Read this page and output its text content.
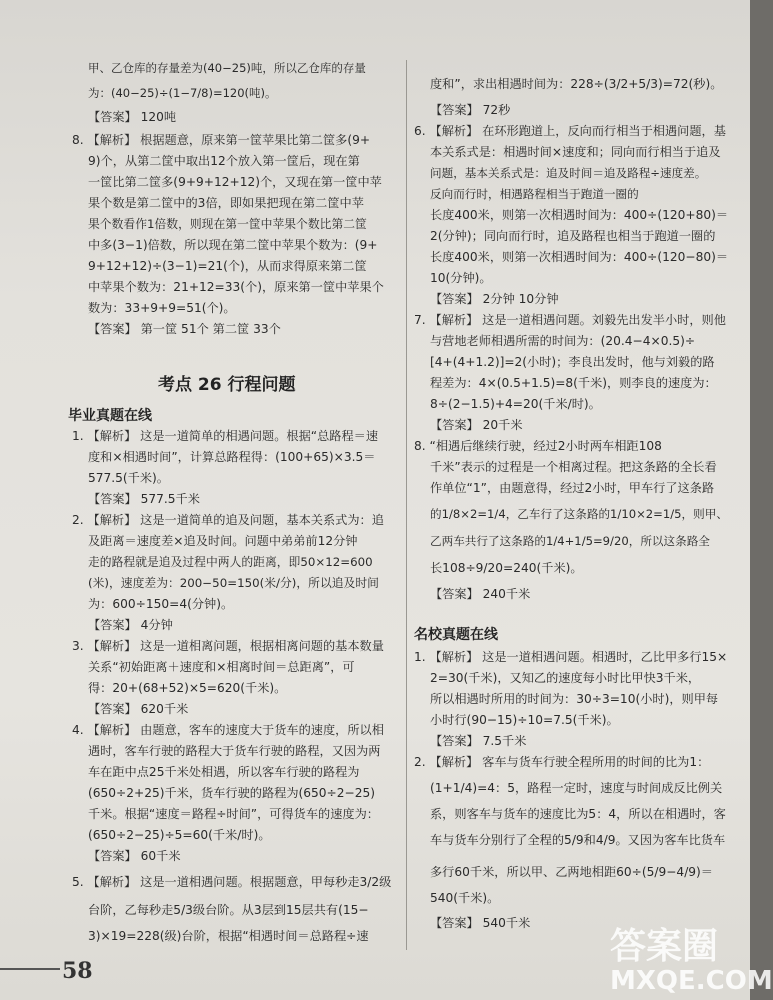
甲、乙仓库的存量差为(40−25)吨，所以乙仓库的存量
为：(40−25)÷(1−7/8)=120(吨)。
【答案】 120吨
8. 【解析】 根据题意，原来第一筐苹果比第二筐多(9+
9)个，从第二筐中取出12个放入第一筐后，现在第
一筐比第二筐多(9+9+12+12)个，又现在第一筐中苹
果个数是第二筐中的3倍，即如果把现在第二筐中苹
果个数看作1倍数，则现在第一筐中苹果个数比第二筐
中多(3−1)倍数，所以现在第二筐中苹果个数为：(9+
9+12+12)÷(3−1)=21(个)，从而求得原来第二筐
中苹果个数为：21+12=33(个)，原来第一筐中苹果个
数为：33+9+9=51(个)。
【答案】 第一筐 51个 第二筐 33个
考点 26 行程问题
毕业真题在线
1. 【解析】 这是一道简单的相遇问题。根据“总路程＝速
度和×相遇时间”，计算总路程得：(100+65)×3.5＝
577.5(千米)。
【答案】 577.5千米
2. 【解析】 这是一道简单的追及问题，基本关系式为：追
及距离＝速度差×追及时间。问题中弟弟前12分钟
走的路程就是追及过程中两人的距离，即50×12=600
(米)，速度差为：200−50=150(米/分)，所以追及时间
为：600÷150=4(分钟)。
【答案】 4分钟
3. 【解析】 这是一道相离问题，根据相离问题的基本数量
关系“初始距离＋速度和×相离时间＝总距离”，可
得：20+(68+52)×5=620(千米)。
【答案】 620千米
4. 【解析】 由题意，客车的速度大于货车的速度，所以相
遇时，客车行驶的路程大于货车行驶的路程，又因为两
车在距中点25千米处相遇，所以客车行驶的路程为
(650÷2+25)千米，货车行驶的路程为(650÷2−25)
千米。根据“速度＝路程÷时间”，可得货车的速度为：
(650÷2−25)÷5=60(千米/时)。
【答案】 60千米
5. 【解析】 这是一道相遇问题。根据题意，甲每秒走3/2级
台阶，乙每秒走5/3级台阶。从3层到15层共有(15−
3)×19=228(级)台阶，根据“相遇时间＝总路程÷速
度和”，求出相遇时间为：228÷(3/2+5/3)=72(秒)。
【答案】 72秒
6. 【解析】 在环形跑道上，反向而行相当于相遇问题，基
本关系式是：相遇时间×速度和；同向而行相当于追及
问题，基本关系式是：追及时间＝追及路程÷速度差。反向而行时，相遇路程相当于跑道一圈的
长度400米，则第一次相遇时间为：400÷(120+80)＝
2(分钟)；同向而行时，追及路程也相当于跑道一圈的
长度400米，则第一次相遇时间为：400÷(120−80)＝
10(分钟)。
【答案】 2分钟 10分钟
7. 【解析】 这是一道相遇问题。刘毅先出发半小时，则他
与营地老师相遇所需的时间为：(20.4−4×0.5)÷
[4+(4+1.2)]=2(小时)；李良出发时，他与刘毅的路
程差为：4×(0.5+1.5)=8(千米)，则李良的速度为：
8÷(2−1.5)+4=20(千米/时)。
【答案】 20千米
8. “相遇后继续行驶，经过2小时两车相距108
千米”表示的过程是一个相离过程。把这条路的全长看
作单位“1”，由题意得，经过2小时，甲车行了这条路
的1/8×2=1/4，乙车行了这条路的1/10×2=1/5，则甲、
乙两车共行了这条路的1/4+1/5=9/20，所以这条路全
长108÷9/20=240(千米)。
【答案】 240千米
名校真题在线
1. 【解析】 这是一道相遇问题。相遇时，乙比甲多行15×
2=30(千米)，又知乙的速度每小时比甲快3千米，
所以相遇时所用的时间为：30÷3=10(小时)，则甲每
小时行(90−15)÷10=7.5(千米)。
【答案】 7.5千米
2. 【解析】 客车与货车行驶全程所用的时间的比为1：
(1+1/4)=4：5，路程一定时，速度与时间成反比例关
系，则客车与货车的速度比为5：4，所以在相遇时，客
车与货车分别行了全程的5/9和4/9。又因为客车比货车
多行60千米，所以甲、乙两地相距60÷(5/9−4/9)＝
540(千米)。
【答案】 540千米
58
答案圈
MXQE.COM
